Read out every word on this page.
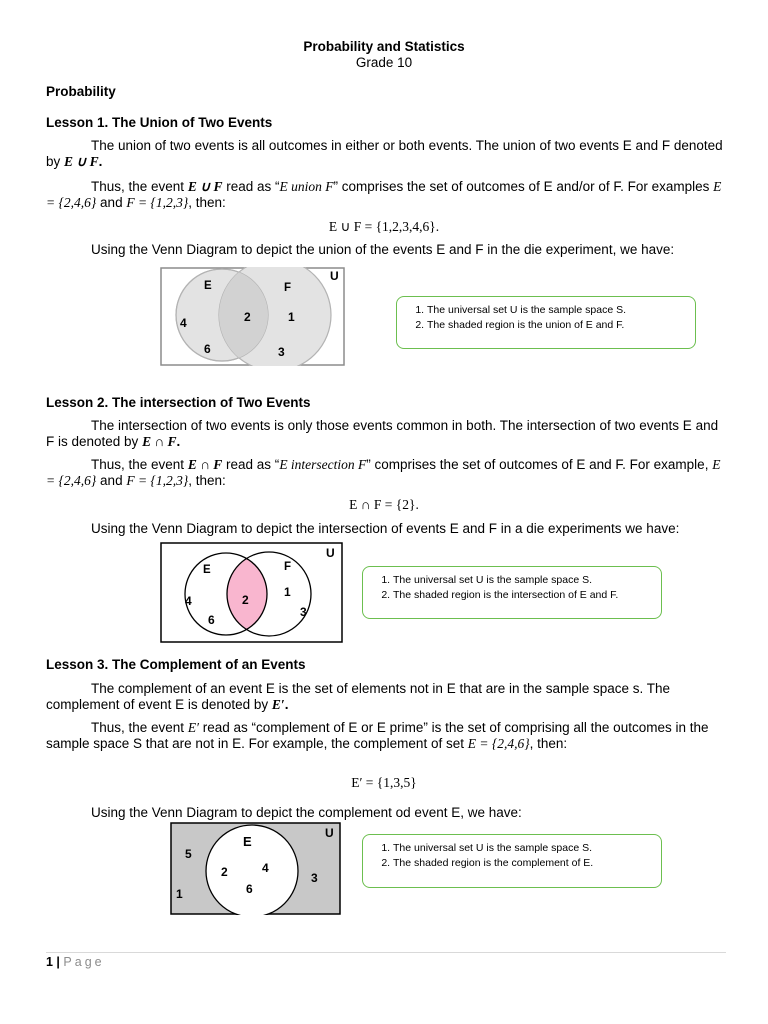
Probability and Statistics
Grade 10
Probability
Lesson 1. The Union of Two Events
The union of two events is all outcomes in either or both events. The union of two events E and F denoted by E ∪ F.
Thus, the event E ∪ F read as “E union F” comprises the set of outcomes of E and/or of F. For examples E = {2,4,6} and F = {1,2,3}, then:
E ∪ F = {1,2,3,4,6}.
Using the Venn Diagram to depict the union of the events E and F in the die experiment, we have:
U
E	F
4
6
2	1
3
1. The universal set U is the sample space S.
2. The shaded region is the union of E and F.
Lesson 2. The intersection of Two Events
The intersection of two events is only those events common in both. The intersection of two events E and F is denoted by E ∩ F.
Thus, the event E ∩ F read as “E intersection F” comprises the set of outcomes of E and F. For example, E = {2,4,6} and F = {1,2,3}, then:
E ∩ F = {2}.
Using the Venn Diagram to depict the intersection of events E and F in a die experiments we have:
U
E	F
4
6
2
1
3
1. The universal set U is the sample space S.
2. The shaded region is the intersection of E and F.
Lesson 3. The Complement of an Events
The complement of an event E is the set of elements not in E that are in the sample space s. The complement of event E is denoted by E′.
Thus, the event E′ read as “complement of E or E prime” is the set of comprising all the outcomes in the sample space S that are not in E. For example, the complement of set E = {2,4,6}, then:
E′ = {1,3,5}
Using the Venn Diagram to depict the complement od event E, we have:
U
E
2	4
6
5
1
3
1. The universal set U is the sample space S.
2. The shaded region is the complement of E.
1 | Page
